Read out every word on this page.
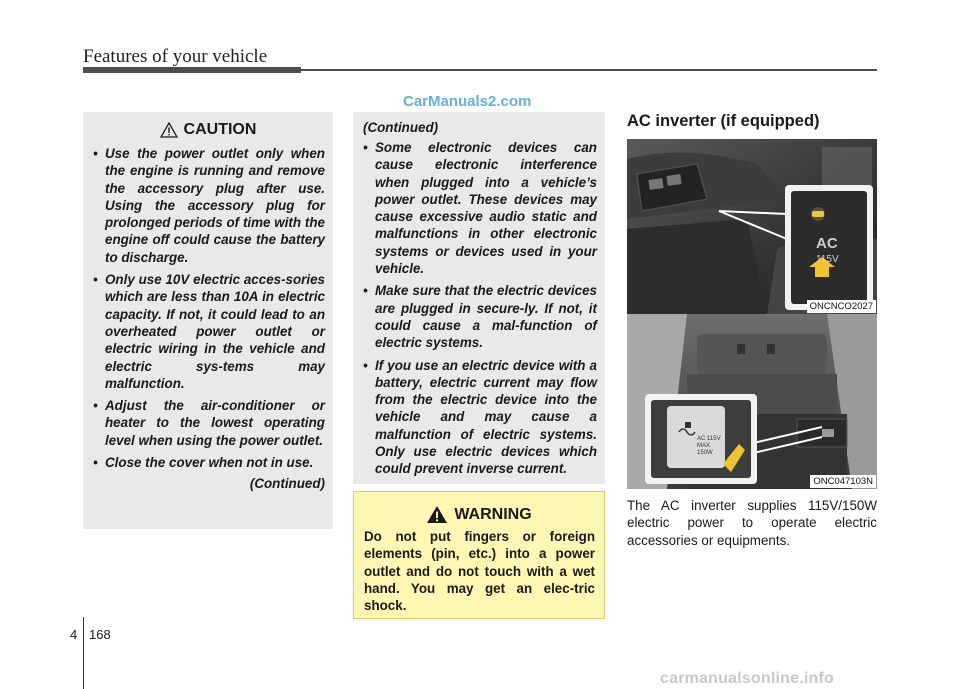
Features of your vehicle
CarManuals2.com
CAUTION
• Use the power outlet only when the engine is running and remove the accessory plug after use. Using the accessory plug for prolonged periods of time with the engine off could cause the battery to discharge.
• Only use 10V electric acces-sories which are less than 10A in electric capacity. If not, it could lead to an overheated power outlet or electric wiring in the vehicle and electric sys-tems may malfunction.
• Adjust the air-conditioner or heater to the lowest operating level when using the power outlet.
• Close the cover when not in use.
(Continued)
(Continued)
• Some electronic devices can cause electronic interference when plugged into a vehicle’s power outlet. These devices may cause excessive audio static and malfunctions in other electronic systems or devices used in your vehicle.
• Make sure that the electric devices are plugged in secure-ly. If not, it could cause a mal-function of electric systems.
• If you use an electric device with a battery, electric current may flow from the electric device into the vehicle and may cause a malfunction of electric systems. Only use electric devices which could prevent inverse current.
WARNING
Do not put fingers or foreign elements (pin, etc.) into a power outlet and do not touch with a wet hand. You may get an elec-tric shock.
AC inverter (if equipped)
AC
115V
ONCNCO2027
AC 115V
MAX 150W
ONC047103N
The AC inverter supplies 115V/150W electric power to operate electric accessories or equipments.
4 168
carmanualsonline.info
